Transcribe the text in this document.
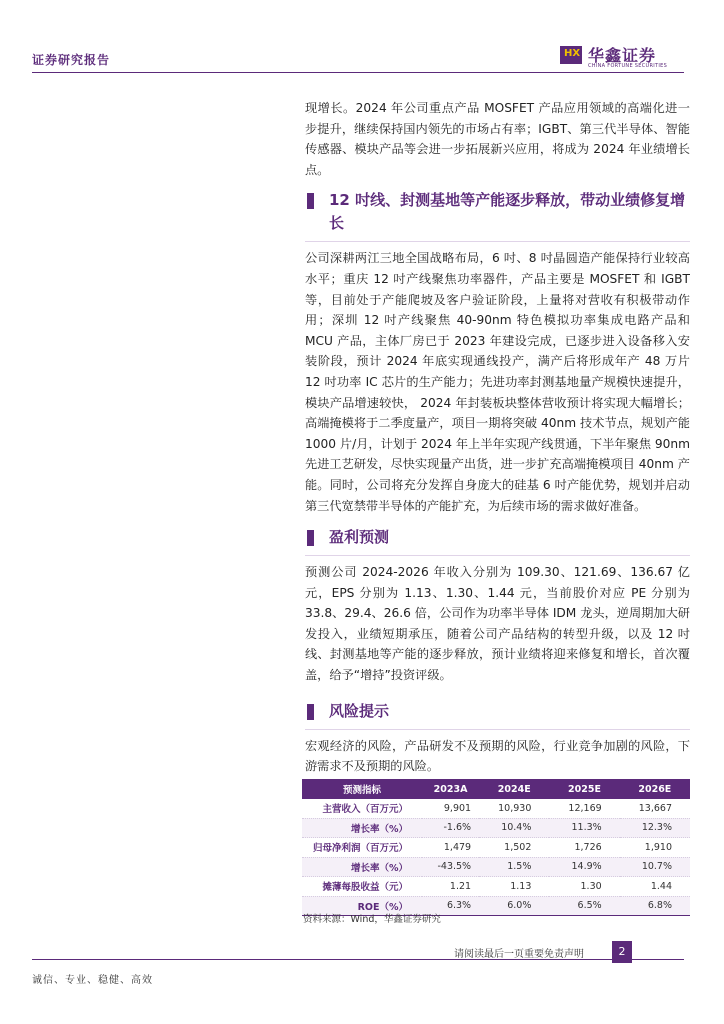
证券研究报告	HX 华鑫证券
CHINA FORTUNE SECURITIES

现增长。2024 年公司重点产品 MOSFET 产品应用领域的高端化进一步提升，继续保持国内领先的市场占有率；IGBT、第三代半导体、智能传感器、模块产品等会进一步拓展新兴应用，将成为 2024 年业绩增长点。

12 吋线、封测基地等产能逐步释放，带动业绩修复增长

公司深耕两江三地全国战略布局，6 吋、8 吋晶圆造产能保持行业较高水平；重庆 12 吋产线聚焦功率器件，产品主要是 MOSFET 和 IGBT 等，目前处于产能爬坡及客户验证阶段，上量将对营收有积极带动作用；深圳 12 吋产线聚焦 40-90nm 特色模拟功率集成电路产品和 MCU 产品，主体厂房已于 2023 年建设完成，已逐步进入设备移入安装阶段，预计 2024 年底实现通线投产，满产后将形成年产 48 万片 12 吋功率 IC 芯片的生产能力；先进功率封测基地量产规模快速提升，模块产品增速较快， 2024 年封装板块整体营收预计将实现大幅增长；高端掩模将于二季度量产，项目一期将突破 40nm 技术节点，规划产能 1000 片/月，计划于 2024 年上半年实现产线贯通，下半年聚焦 90nm 先进工艺研发，尽快实现量产出货，进一步扩充高端掩模项目 40nm 产能。同时，公司将充分发挥自身庞大的硅基 6 吋产能优势，规划并启动第三代宽禁带半导体的产能扩充，为后续市场的需求做好准备。

盈利预测

预测公司 2024-2026 年收入分别为 109.30、121.69、136.67 亿元，EPS 分别为 1.13、1.30、1.44 元，当前股价对应 PE 分别为 33.8、29.4、26.6 倍，公司作为功率半导体 IDM 龙头，逆周期加大研发投入，业绩短期承压，随着公司产品结构的转型升级，以及 12 吋线、封测基地等产能的逐步释放，预计业绩将迎来修复和增长，首次覆盖，给予“增持”投资评级。

风险提示

宏观经济的风险，产品研发不及预期的风险，行业竞争加剧的风险，下游需求不及预期的风险。

预测指标	2023A	2024E	2025E	2026E
主营收入（百万元）	9,901	10,930	12,169	13,667
增长率（%）	-1.6%	10.4%	11.3%	12.3%
归母净利润（百万元）	1,479	1,502	1,726	1,910
增长率（%）	-43.5%	1.5%	14.9%	10.7%
摊薄每股收益（元）	1.21	1.13	1.30	1.44
ROE（%）	6.3%	6.0%	6.5%	6.8%
资料来源：Wind，华鑫证券研究
请阅读最后一页重要免责声明	2
诚信、专业、稳健、高效
